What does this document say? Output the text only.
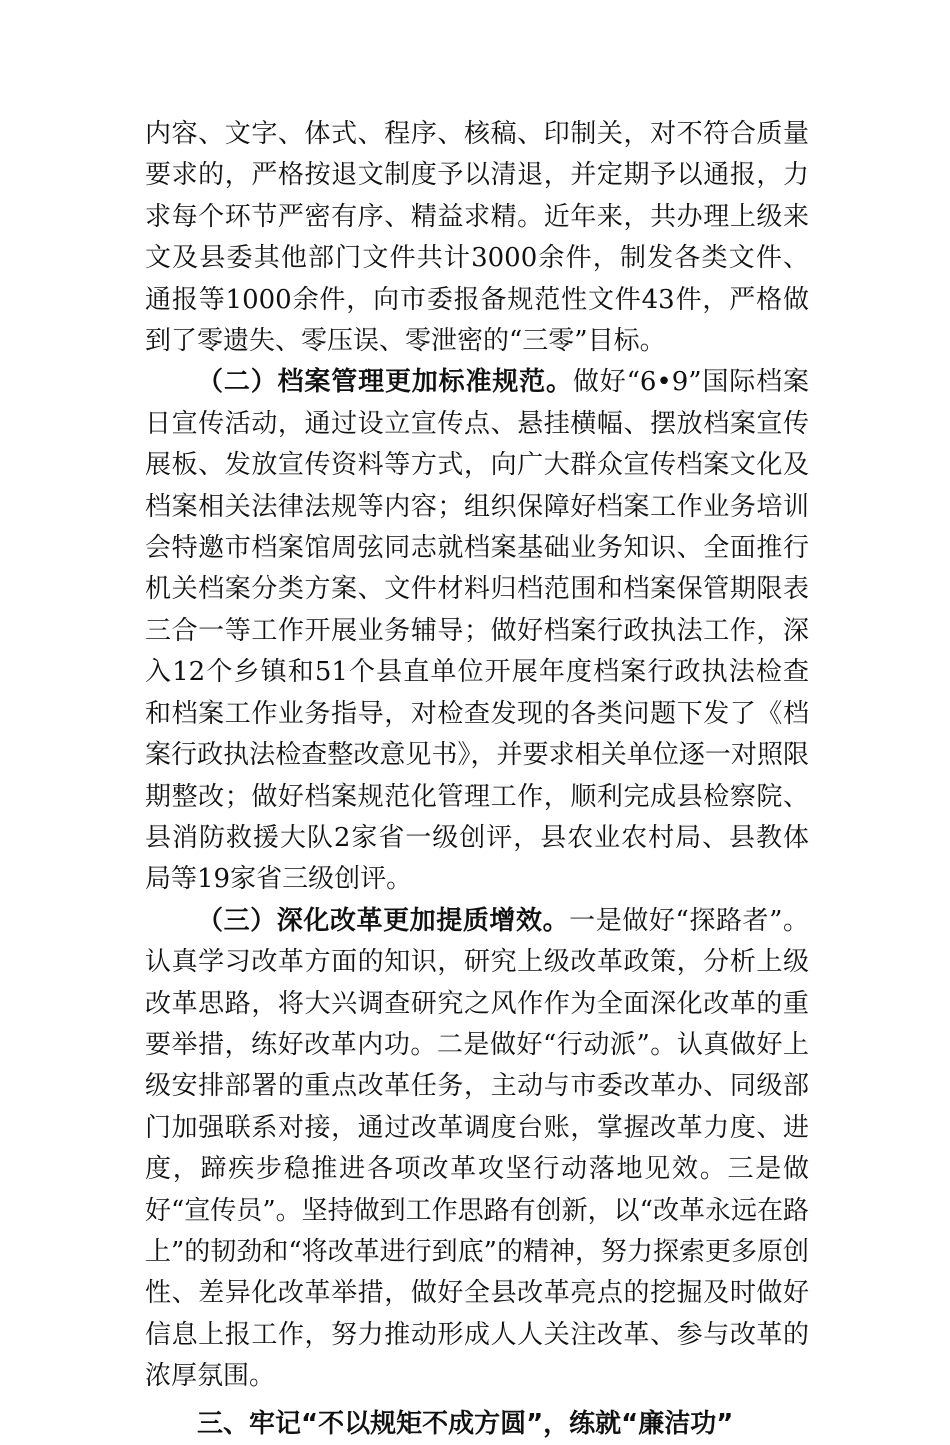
内容、文字、体式、程序、核稿、印制关，对不符合质量要求的，严格按退文制度予以清退，并定期予以通报，力求每个环节严密有序、精益求精。近年来，共办理上级来文及县委其他部门文件共计3000余件，制发各类文件、通报等1000余件，向市委报备规范性文件43件，严格做到了零遗失、零压误、零泄密的“三零”目标。

（二）档案管理更加标准规范。做好“6•9”国际档案日宣传活动，通过设立宣传点、悬挂横幅、摆放档案宣传展板、发放宣传资料等方式，向广大群众宣传档案文化及档案相关法律法规等内容；组织保障好档案工作业务培训会特邀市档案馆周弦同志就档案基础业务知识、全面推行机关档案分类方案、文件材料归档范围和档案保管期限表三合一等工作开展业务辅导；做好档案行政执法工作，深入12个乡镇和51个县直单位开展年度档案行政执法检查和档案工作业务指导，对检查发现的各类问题下发了《档案行政执法检查整改意见书》，并要求相关单位逐一对照限期整改；做好档案规范化管理工作，顺利完成县检察院、县消防救援大队2家省一级创评，县农业农村局、县教体局等19家省三级创评。

（三）深化改革更加提质增效。一是做好“探路者”。认真学习改革方面的知识，研究上级改革政策，分析上级改革思路，将大兴调查研究之风作作为全面深化改革的重要举措，练好改革内功。二是做好“行动派”。认真做好上级安排部署的重点改革任务，主动与市委改革办、同级部门加强联系对接，通过改革调度台账，掌握改革力度、进度，蹄疾步稳推进各项改革攻坚行动落地见效。三是做好“宣传员”。坚持做到工作思路有创新，以“改革永远在路上”的韧劲和“将改革进行到底”的精神，努力探索更多原创性、差异化改革举措，做好全县改革亮点的挖掘及时做好信息上报工作，努力推动形成人人关注改革、参与改革的浓厚氛围。

三、牢记“不以规矩不成方圆”，练就“廉洁功”
